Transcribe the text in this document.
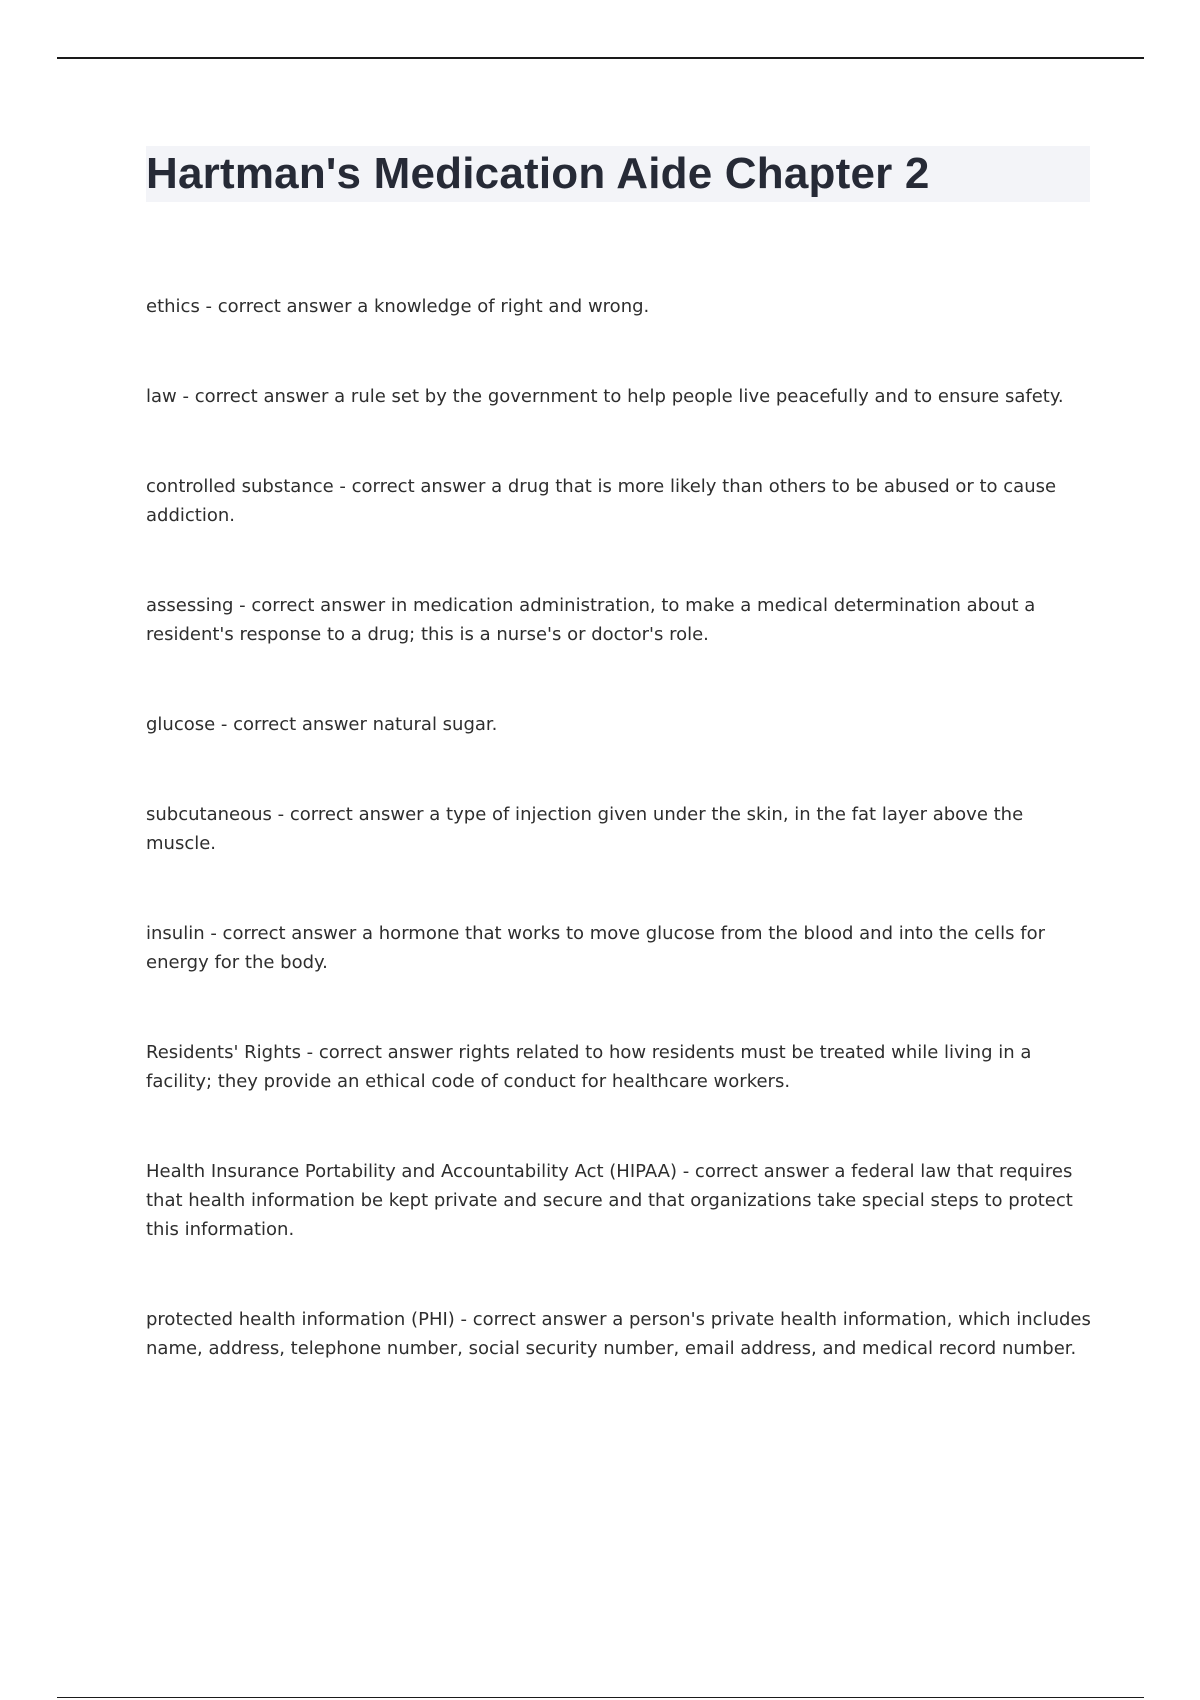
Hartman's Medication Aide Chapter 2
ethics - correct answer a knowledge of right and wrong.
law - correct answer a rule set by the government to help people live peacefully and to ensure safety.
controlled substance - correct answer a drug that is more likely than others to be abused or to cause addiction.
assessing - correct answer in medication administration, to make a medical determination about a resident's response to a drug; this is a nurse's or doctor's role.
glucose - correct answer natural sugar.
subcutaneous - correct answer a type of injection given under the skin, in the fat layer above the muscle.
insulin - correct answer a hormone that works to move glucose from the blood and into the cells for energy for the body.
Residents' Rights - correct answer rights related to how residents must be treated while living in a facility; they provide an ethical code of conduct for healthcare workers.
Health Insurance Portability and Accountability Act (HIPAA) - correct answer a federal law that requires that health information be kept private and secure and that organizations take special steps to protect this information.
protected health information (PHI) - correct answer a person's private health information, which includes name, address, telephone number, social security number, email address, and medical record number.
